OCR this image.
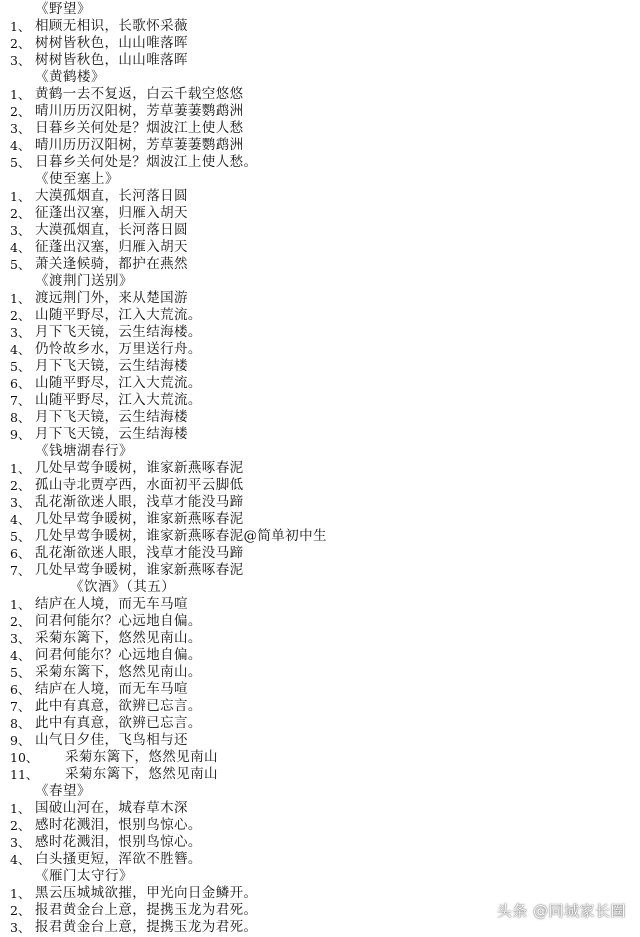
《野望》
1、 相顾无相识，长歌怀采薇
2、 树树皆秋色，山山唯落晖
3、 树树皆秋色，山山唯落晖
《黄鹤楼》
1、 黄鹤一去不复返，白云千载空悠悠
2、 晴川历历汉阳树，芳草萋萋鹦鹉洲
3、 日暮乡关何处是？烟波江上使人愁
4、 晴川历历汉阳树，芳草萋萋鹦鹉洲
5、 日暮乡关何处是？烟波江上使人愁。
《使至塞上》
1、 大漠孤烟直，长河落日圆
2、 征蓬出汉塞，归雁入胡天
3、 大漠孤烟直，长河落日圆
4、 征蓬出汉塞，归雁入胡天
5、 萧关逢候骑，都护在燕然
《渡荆门送别》
1、 渡远荆门外，来从楚国游
2、 山随平野尽，江入大荒流。
3、 月下飞天镜，云生结海楼。
4、 仍怜故乡水，万里送行舟。
5、 月下飞天镜，云生结海楼
6、 山随平野尽，江入大荒流。
7、 山随平野尽，江入大荒流。
8、 月下飞天镜，云生结海楼
9、 月下飞天镜，云生结海楼
《钱塘湖春行》
1、 几处早莺争暖树，谁家新燕啄春泥
2、 孤山寺北贾亭西，水面初平云脚低
3、 乱花渐欲迷人眼，浅草才能没马蹄
4、 几处早莺争暖树，谁家新燕啄春泥
5、 几处早莺争暖树，谁家新燕啄春泥@简单初中生
6、 乱花渐欲迷人眼，浅草才能没马蹄
7、 几处早莺争暖树，谁家新燕啄春泥
《饮酒》（其五）
1、 结庐在人境，而无车马喧
2、 问君何能尔？心远地自偏。
3、 采菊东篱下，悠然见南山。
4、 问君何能尔？心远地自偏。
5、 采菊东篱下，悠然见南山。
6、 结庐在人境，而无车马喧
7、 此中有真意，欲辨已忘言。
8、 此中有真意，欲辨已忘言。
9、 山气日夕佳，飞鸟相与还
10、 采菊东篱下，悠然见南山
11、 采菊东篱下，悠然见南山
《春望》
1、 国破山河在，城春草木深
2、 感时花溅泪，恨别鸟惊心。
3、 感时花溅泪，恨别鸟惊心。
4、 白头搔更短，浑欲不胜簪。
《雁门太守行》
1、 黑云压城城欲摧，甲光向日金鳞开。
2、 报君黄金台上意，提携玉龙为君死。
3、 报君黄金台上意，提携玉龙为君死。
头条 @同城家长圈
